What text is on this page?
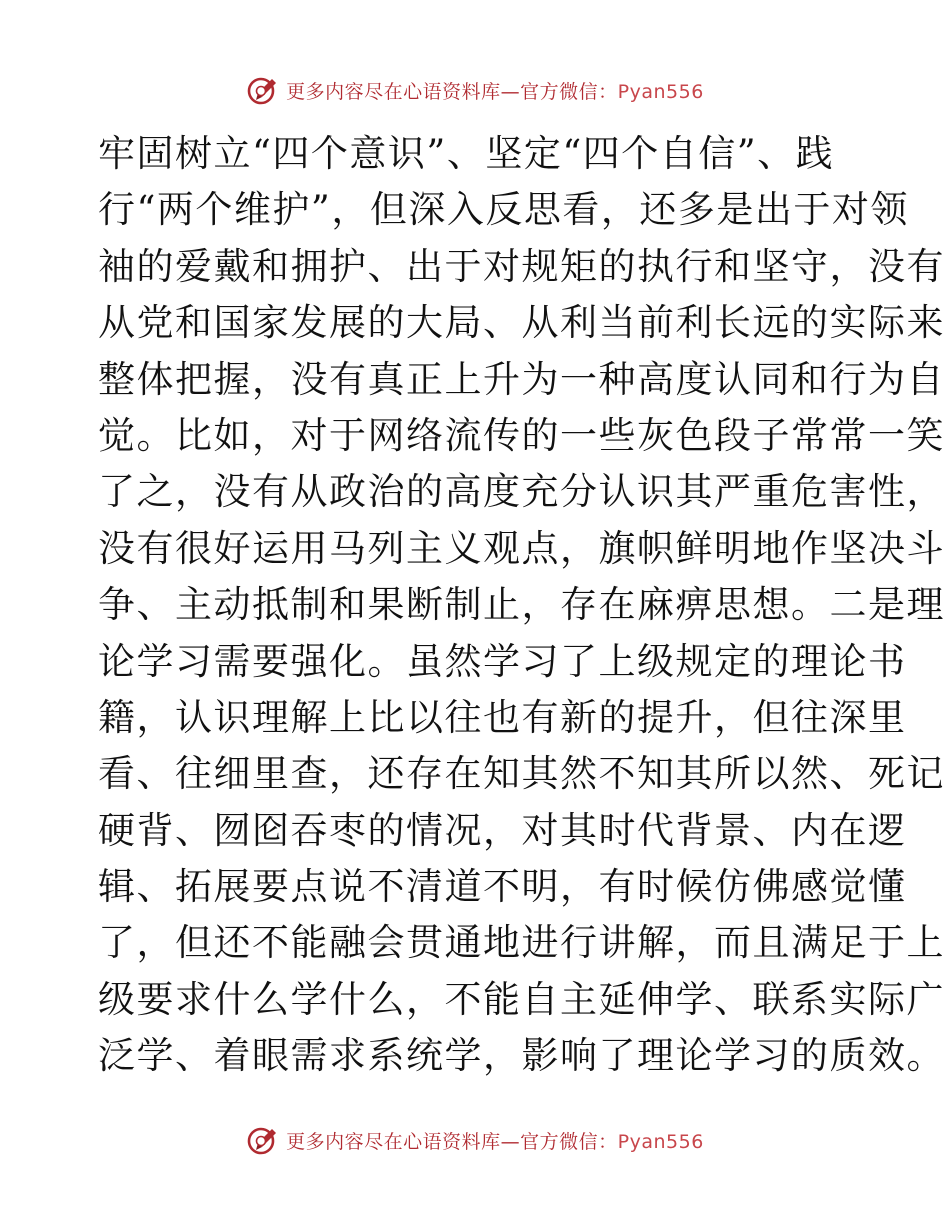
更多内容尽在心语资料库—官方微信：Pyan556
牢固树立“四个意识”、坚定“四个自信”、践
行“两个维护”，但深入反思看，还多是出于对领
袖的爱戴和拥护、出于对规矩的执行和坚守，没有
从党和国家发展的大局、从利当前利长远的实际来
整体把握，没有真正上升为一种高度认同和行为自
觉。比如，对于网络流传的一些灰色段子常常一笑
了之，没有从政治的高度充分认识其严重危害性，
没有很好运用马列主义观点，旗帜鲜明地作坚决斗
争、主动抵制和果断制止，存在麻痹思想。二是理
论学习需要强化。虽然学习了上级规定的理论书
籍，认识理解上比以往也有新的提升，但往深里
看、往细里查，还存在知其然不知其所以然、死记
硬背、囫囵吞枣的情况，对其时代背景、内在逻
辑、拓展要点说不清道不明，有时候仿佛感觉懂
了，但还不能融会贯通地进行讲解，而且满足于上
级要求什么学什么，不能自主延伸学、联系实际广
泛学、着眼需求系统学，影响了理论学习的质效。
更多内容尽在心语资料库—官方微信：Pyan556
